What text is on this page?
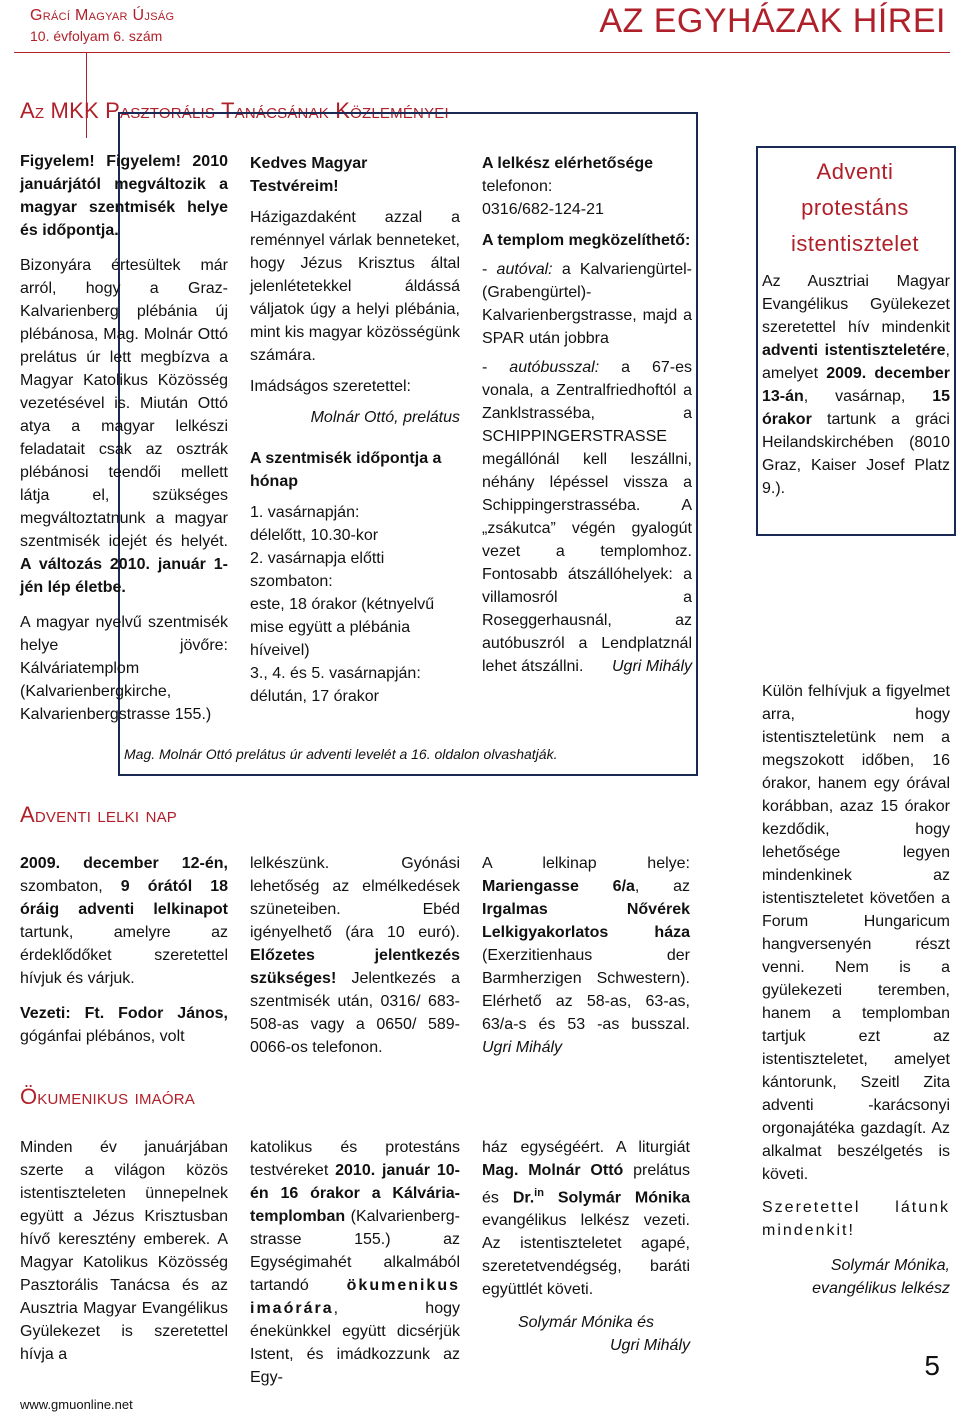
Grácí Magyar Újság
10. évfolyam 6. szám	AZ EGYHÁZAK HÍREI
Az MKK Pasztorális Tanácsának Közleményei

Figyelem! Figyelem! 2010 januárjától megváltozik a magyar szentmisék helye és időpontja.

Bizonyára értesültek már arról, hogy a Graz-Kalvarienberg plébánia új plébánosa, Mag. Molnár Ottó prelátus úr lett megbízva a Magyar Katolikus Közösség vezetésével is. Miután Ottó atya a magyar lelkészi feladatait csak az osztrák plébánosi teendői mellett látja el, szükséges megváltoztatnunk a magyar szentmisék idejét és helyét. A változás 2010. január 1-jén lép életbe.

A magyar nyelvű szentmisék helye jövőre: Kálváriatemplom (Kalvarienbergkirche, Kalvarienbergstrasse 155.)

Kedves Magyar Testvéreim!

Házigazdaként azzal a reménnyel várlak benneteket, hogy Jézus Krisztus által jelenlétetekkel áldássá váljatok úgy a helyi plébánia, mint kis magyar közösségünk számára.

Imádságos szeretettel:

Molnár Ottó, prelátus

A szentmisék időpontja a hónap

1. vasárnapján:

délelőtt, 10.30-kor

2. vasárnapja előtti szombaton:

este, 18 órakor (kétnyelvű mise együtt a plébánia híveivel)

3., 4. és 5. vasárnapján:

délután, 17 órakor

A lelkész elérhetősége

telefonon:

0316/682-124-21

A templom megközelíthető:

- autóval: a Kalvariengürtel-(Grabengürtel)-Kalvarienbergstrasse, majd a SPAR után jobbra

- autóbusszal: a 67-es vonala, a Zentralfriedhoftól a Zanklstrasséba, a SCHIPPINGERSTRASSE megállónál kell leszállni, néhány lépéssel vissza a Schippingerstrasséba. A „zsákutca” végén gyalogút vezet a templomhoz. Fontosabb átszállóhelyek: a villamosról a Roseggerhausnál, az autóbuszról a Lendplatznál lehet átszállni. Ugri Mihály

Mag. Molnár Ottó prelátus úr adventi levelét a 16. oldalon olvashatják.
Adventi lelki nap

2009. december 12-én, szombaton, 9 órától 18 óráig adventi lelkinapot tartunk, amelyre az érdeklődőket szeretettel hívjuk és várjuk.

Vezeti: Ft. Fodor János, gógánfai plébános, volt

lelkészünk. Gyónási lehetőség az elmélkedések szüneteiben. Ebéd igényelhető (ára 10 euró). Előzetes jelentkezés szükséges! Jelentkezés a szentmisék után, 0316/ 683-508-as vagy a 0650/ 589-0066-os telefonon.

A lelkinap helye: Mariengasse 6/a, az Irgalmas Nővérek Lelkigyakorlatos háza (Exerzitienhaus der Barmherzigen Schwestern). Elérhető az 58-as, 63-as, 63/a-s és 53 -as busszal. Ugri Mihály

Ökumenikus imaóra

Minden év januárjában szerte a világon közös istentiszteleten ünnepelnek együtt a Jézus Krisztusban hívő keresztény emberek. A Magyar Katolikus Közösség Pasztorális Tanácsa és az Ausztria Magyar Evangélikus Gyülekezet is szeretettel hívja a

katolikus és protestáns testvéreket 2010. január 10-én 16 órakor a Kálvária-templomban (Kalvarienberg-strasse 155.) az Egységimahét alkalmából tartandó ökumenikus imaórára, hogy énekünkkel együtt dicsérjük Istent, és imádkozzunk az Egy-

ház egységéért. A liturgiát Mag. Molnár Ottó prelátus és Dr.$^{in}$ Solymár Mónika evangélikus lelkész vezeti. Az istentiszteletet agapé, szeretetvendégség, baráti együttlét követi.

Solymár Mónika és

Ugri Mihály

Adventi
protestáns
istentisztelet

Az Ausztriai Magyar Evangélikus Gyülekezet szeretettel hív mindenkit adventi istentiszteletére, amelyet 2009. december 13-án, vasárnap, 15 órakor tartunk a gráci Heilandskirchében (8010 Graz, Kaiser Josef Platz 9.).

Külön felhívjuk a figyelmet arra, hogy istentiszteletünk nem a megszokott időben, 16 órakor, hanem egy órával korábban, azaz 15 órakor kezdődik, hogy lehetősége legyen mindenkinek az istentiszteletet követően a Forum Hungaricum hangversenyén részt venni. Nem is a gyülekezeti teremben, hanem a templomban tartjuk ezt az istentiszteletet, amelyet kántorunk, Szeitl Zita adventi -karácsonyi orgonajátéka gazdagít. Az alkalmat beszélgetés is követi.

Szeretettel látunk mindenkit!

Solymár Mónika,

evangélikus lelkész

www.gmuonline.net
5
